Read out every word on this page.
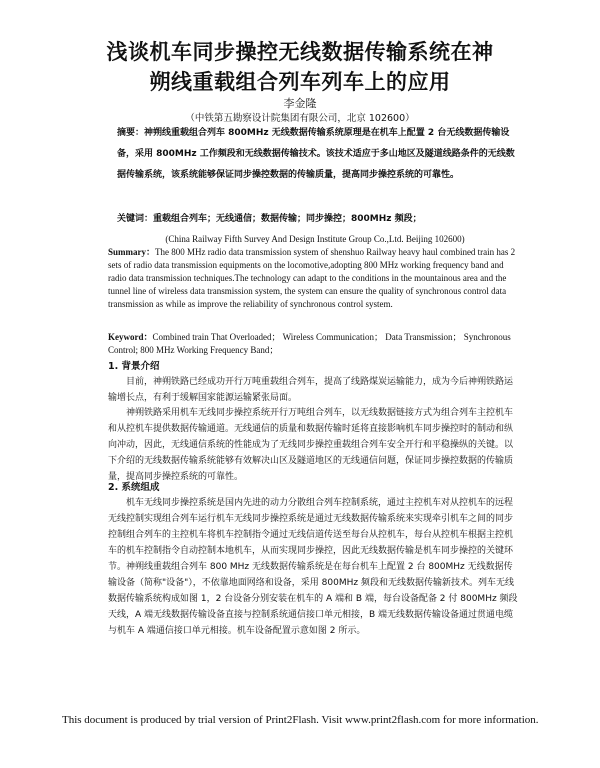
浅谈机车同步操控无线数据传输系统在神
朔线重载组合列车列车上的应用
李金隆
（中铁第五勘察设计院集团有限公司，北京 102600）
摘要：神朔线重载组合列车 800MHz 无线数据传输系统原理是在机车上配置 2 台无线数据传输设备，采用 800MHz 工作频段和无线数据传输技术。该技术适应于多山地区及隧道线路条件的无线数据传输系统，该系统能够保证同步操控数据的传输质量，提高同步操控系统的可靠性。
关键词：重载组合列车；无线通信；数据传输；同步操控；800MHz 频段；
(China Railway Fifth Survey And Design Institute Group Co.,Ltd. Beijing 102600)
Summary：The 800 MHz radio data transmission system of shenshuo Railway heavy haul combined train has 2 sets of radio data transmission equipments on the locomotive,adopting 800 MHz working frequency band and radio data transmission techniques.The technology can adapt to the conditions in the mountainous area and the tunnel line of wireless data transmission system, the system can ensure the quality of synchronous control data transmission as while as improve the reliability of synchronous control system.
Keyword：Combined train That Overloaded； Wireless Communication； Data Transmission； Synchronous Control; 800 MHz Working Frequency Band；
1. 背景介绍
目前，神朔铁路已经成功开行万吨重载组合列车，提高了线路煤炭运输能力，成为今后神朔铁路运输增长点，有利于缓解国家能源运输紧张局面。
神朔铁路采用机车无线同步操控系统开行万吨组合列车，以无线数据链接方式为组合列车主控机车和从控机车提供数据传输通道。无线通信的质量和数据传输时延将直接影响机车同步操控时的制动和纵向冲动，因此，无线通信系统的性能成为了无线同步操控重载组合列车安全开行和平稳操纵的关键。以下介绍的无线数据传输系统能够有效解决山区及隧道地区的无线通信问题，保证同步操控数据的传输质量，提高同步操控系统的可靠性。
2. 系统组成
机车无线同步操控系统是国内先进的动力分散组合列车控制系统，通过主控机车对从控机车的远程无线控制实现组合列车运行机车无线同步操控系统是通过无线数据传输系统来实现牵引机车之间的同步控制组合列车的主控机车将机车控制指令通过无线信道传送至每台从控机车，每台从控机车根据主控机车的机车控制指令自动控制本地机车，从而实现同步操控，因此无线数据传输是机车同步操控的关键环节。 神朔线重载组合列车 800 MHz 无线数据传输系统是在每台机车上配置 2 台 800MHz 无线数据传输设备（简称"设备"），不依靠地面网络和设备，采用 800MHz 频段和无线数据传输新技术。列车无线数据传输系统构成如图 1，2 台设备分别安装在机车的 A 端和 B 端，每台设备配备 2 付 800MHz 频段天线，A 端无线数据传输设备直接与控制系统通信接口单元相接，B 端无线数据传输设备通过贯通电缆与机车 A 端通信接口单元相接。机车设备配置示意如图 2 所示。
This document is produced by trial version of Print2Flash. Visit www.print2flash.com for more information.
